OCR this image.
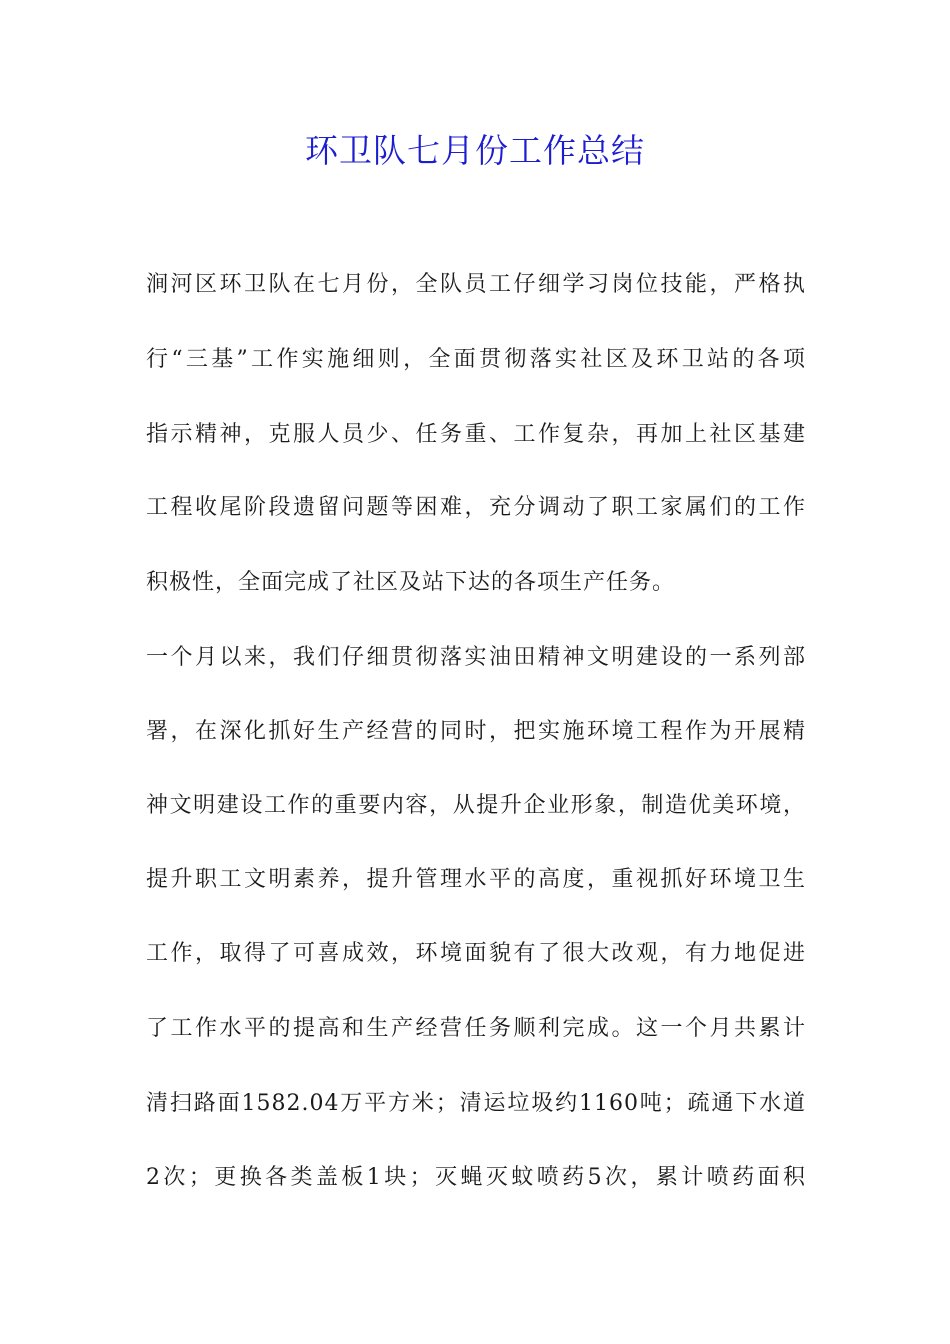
环卫队七月份工作总结
涧河区环卫队在七月份，全队员工仔细学习岗位技能，严格执
行“三基”工作实施细则，全面贯彻落实社区及环卫站的各项
指示精神，克服人员少、任务重、工作复杂，再加上社区基建
工程收尾阶段遗留问题等困难，充分调动了职工家属们的工作
积极性，全面完成了社区及站下达的各项生产任务。
一个月以来，我们仔细贯彻落实油田精神文明建设的一系列部
署，在深化抓好生产经营的同时，把实施环境工程作为开展精
神文明建设工作的重要内容，从提升企业形象，制造优美环境，
提升职工文明素养，提升管理水平的高度，重视抓好环境卫生
工作，取得了可喜成效，环境面貌有了很大改观，有力地促进
了工作水平的提高和生产经营任务顺利完成。这一个月共累计
清扫路面1582.04万平方米；清运垃圾约1160吨；疏通下水道
2次；更换各类盖板1块；灭蝇灭蚊喷药5次，累计喷药面积
